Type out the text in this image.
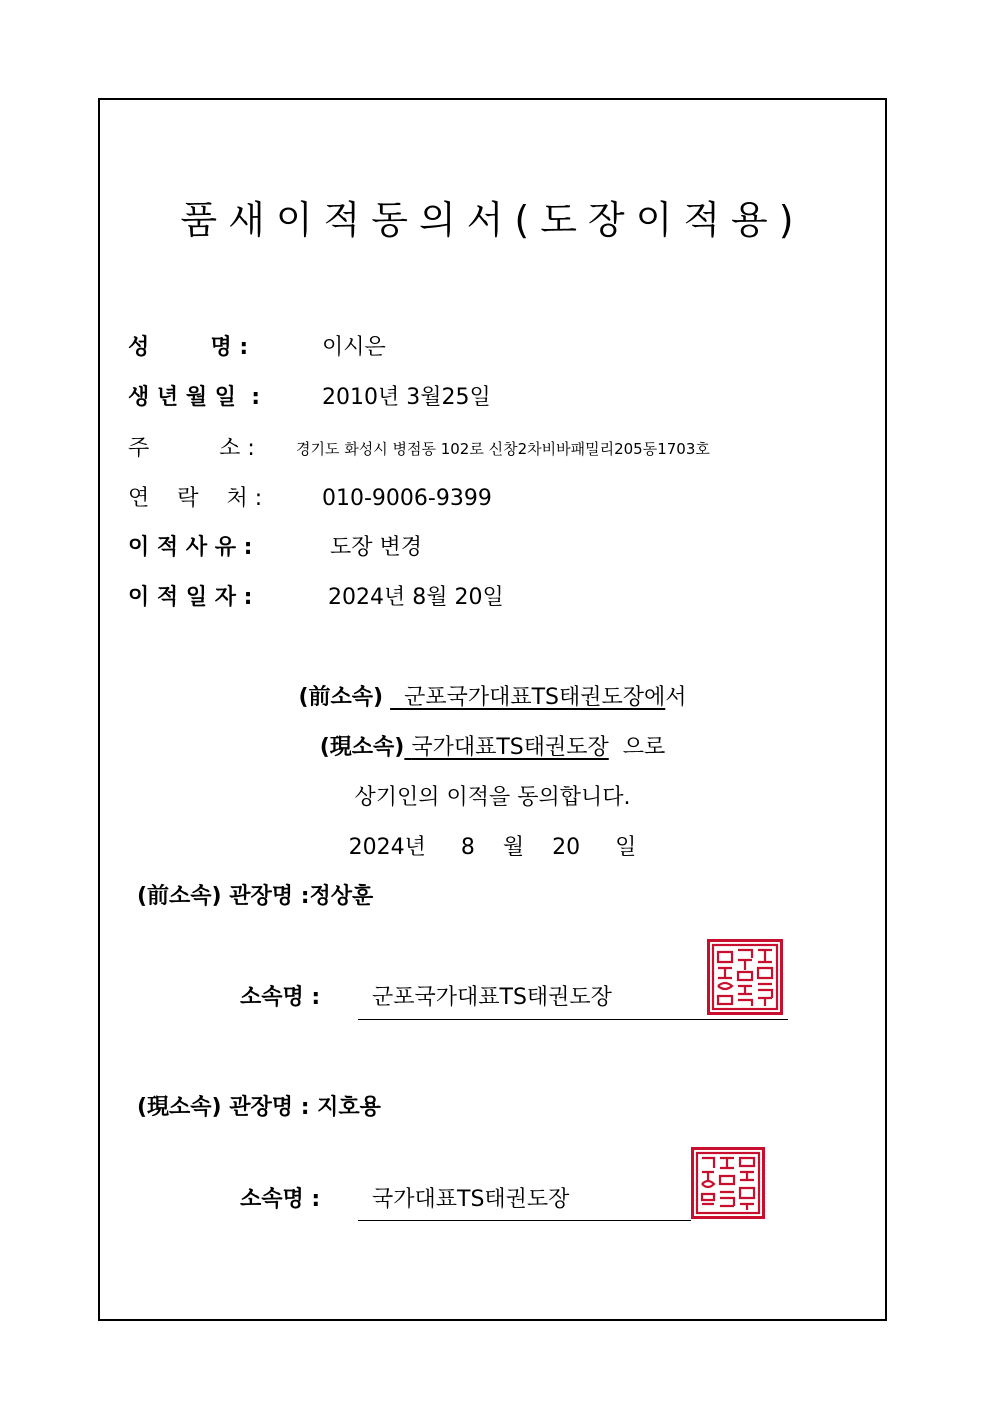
품새이적동의서(도장이적용)
성        명 :	이시은
생 년 월 일  :	2010년 3월25일
주          소 :	경기도 화성시 병점동 102로 신창2차비바패밀리205동1703호
연    락    처 :	010-9006-9399
이 적 사 유 :	도장 변경
이 적 일 자 :	2024년 8월 20일
(前소속) 군포국가대표TS태권도장에서
(現소속) 국가대표TS태권도장 으로
상기인의 이적을 동의합니다.
2024년 8 월 20 일
(前소속) 관장명 :정상훈
소속명 : 군포국가대표TS태권도장
(現소속) 관장명 : 지호용
소속명 : 국가대표TS태권도장
